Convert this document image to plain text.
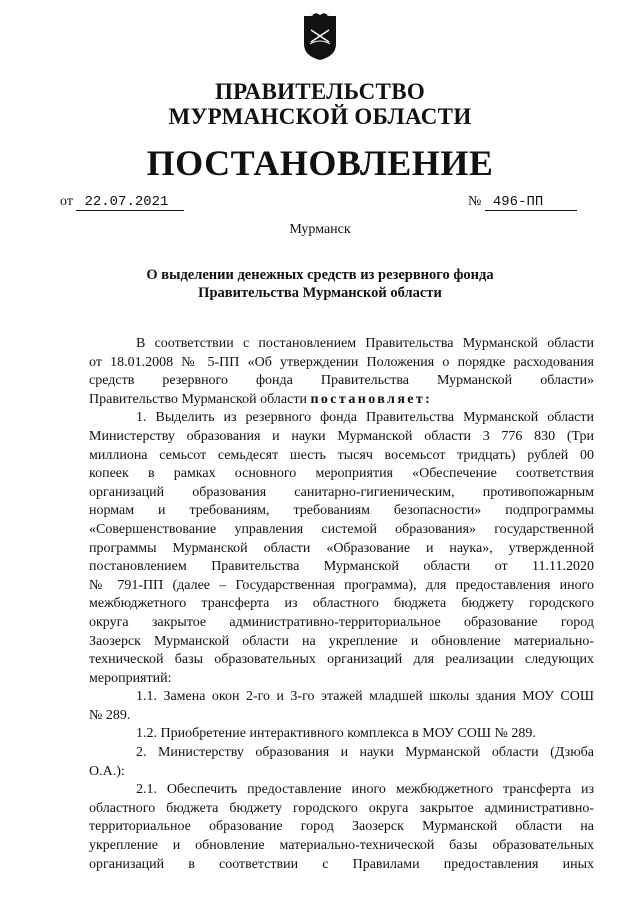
ПРАВИТЕЛЬСТВО
МУРМАНСКОЙ ОБЛАСТИ
ПОСТАНОВЛЕНИЕ
от 22.07.2021	№ 496-ПП
Мурманск
О выделении денежных средств из резервного фонда
Правительства Мурманской области
В соответствии с постановлением Правительства Мурманской области
от 18.01.2008 № 5-ПП «Об утверждении Положения о порядке расходования
средств резервного фонда Правительства Мурманской области»
Правительство Мурманской области постановляет:
1. Выделить из резервного фонда Правительства Мурманской области
Министерству образования и науки Мурманской области 3 776 830 (Три
миллиона семьсот семьдесят шесть тысяч восемьсот тридцать) рублей 00
копеек в рамках основного мероприятия «Обеспечение соответствия
организаций образования санитарно-гигиеническим, противопожарным
нормам и требованиям, требованиям безопасности» подпрограммы
«Совершенствование управления системой образования» государственной
программы Мурманской области «Образование и наука», утвержденной
постановлением Правительства Мурманской области от 11.11.2020
№ 791-ПП (далее – Государственная программа), для предоставления иного
межбюджетного трансферта из областного бюджета бюджету городского
округа закрытое административно-территориальное образование город
Заозерск Мурманской области на укрепление и обновление материально-
технической базы образовательных организаций для реализации следующих
мероприятий:
1.1. Замена окон 2-го и 3-го этажей младшей школы здания МОУ СОШ
№ 289.
1.2. Приобретение интерактивного комплекса в МОУ СОШ № 289.
2. Министерству образования и науки Мурманской области (Дзюба
О.А.):
2.1. Обеспечить предоставление иного межбюджетного трансферта из
областного бюджета бюджету городского округа закрытое административно-
территориальное образование город Заозерск Мурманской области на
укрепление и обновление материально-технической базы образовательных
организаций в соответствии с Правилами предоставления иных
